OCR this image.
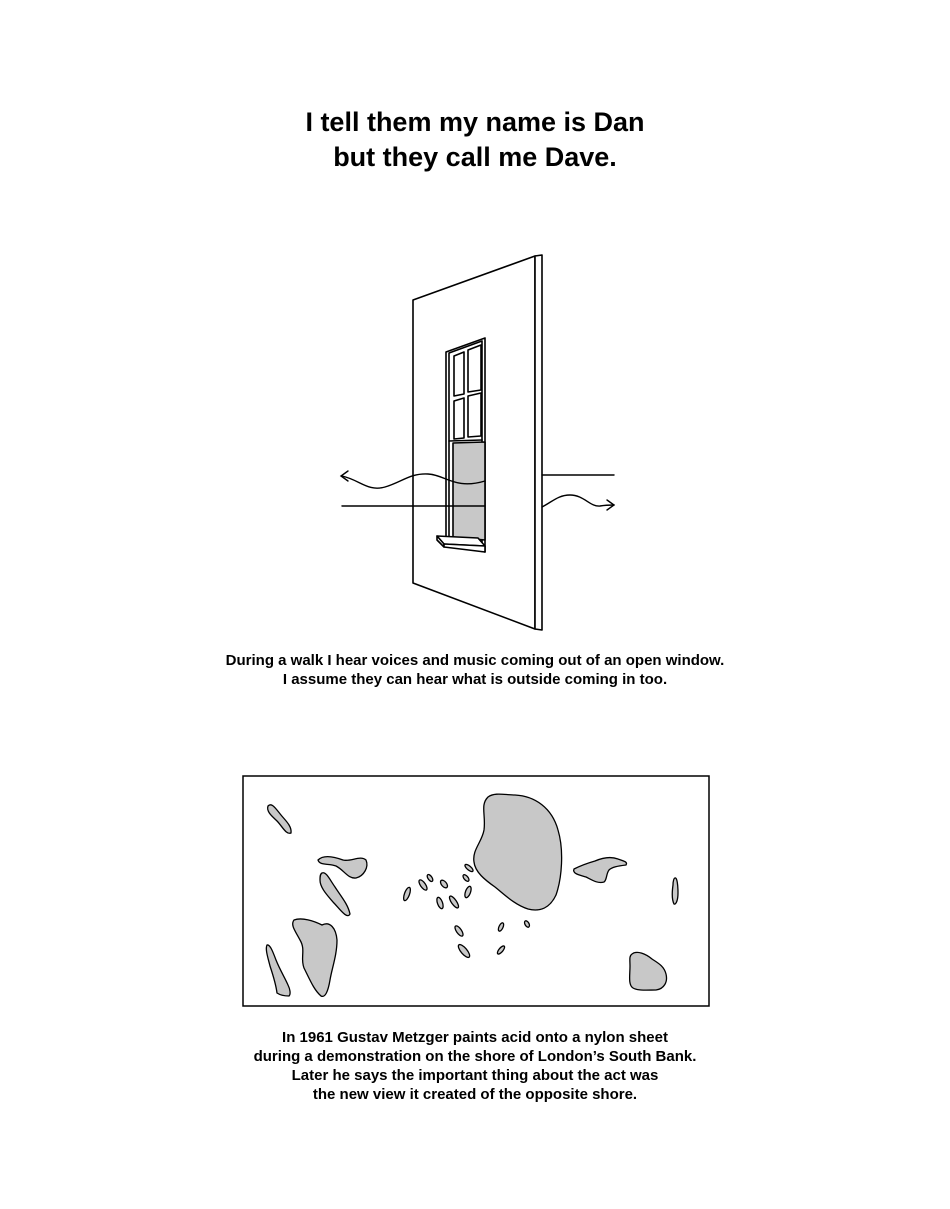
I tell them my name is Dan
but they call me Dave.

During a walk I hear voices and music coming out of an open window.
I assume they can hear what is outside coming in too.

In 1961 Gustav Metzger paints acid onto a nylon sheet
during a demonstration on the shore of London’s South Bank.
Later he says the important thing about the act was
the new view it created of the opposite shore.
